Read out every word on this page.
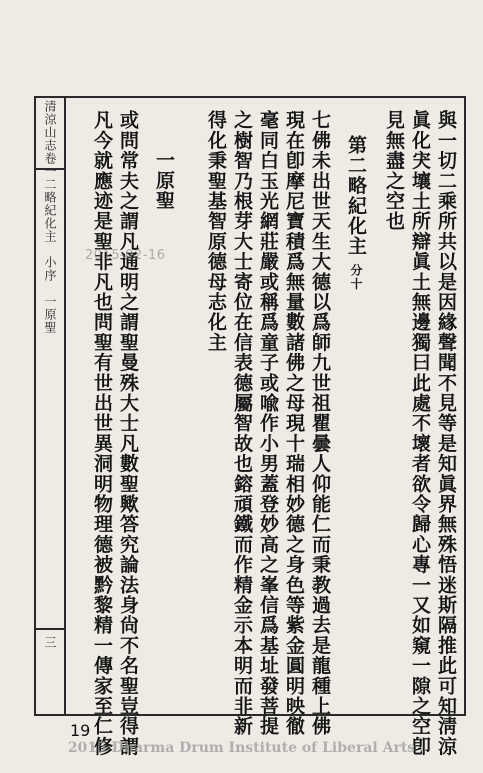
清涼山志卷一
二略紀化主　小序　一原聖
三	與一切二乘所共以是因緣聲聞不見等是知眞界無殊悟迷斯隔推此可知淸涼
眞化宊壤土所辯眞土無邊獨曰此處不壞者欲令歸心專一又如窺一隙之空卽
見無盡之空也
第二略紀化主分十
七佛未出世天生大德以爲師九世祖瞿曇人仰能仁而秉教過去是龍種上佛
現在卽摩尼寶積爲無量數諸佛之母現十瑞相妙德之身色等紫金圓明映徹
毫同白玉光網莊嚴或稱爲童子或喩作小男蓋登妙高之峯信爲基址發菩提
之樹智乃根芽大士寄位在信表德屬智故也鎔頑鐵而作精金示本明而非新
得化秉聖基智原德母志化主
一原聖
或問常夫之謂凡通明之謂聖曼殊大士凡數聖歟答究論法身尙不名聖豈得謂
凡今就應迹是聖非凡也問聖有世出世異洞明物理德被黔黎精一傳家至仁修
2015-02-16
19
2015 Dharma Drum Institute of Liberal Arts
